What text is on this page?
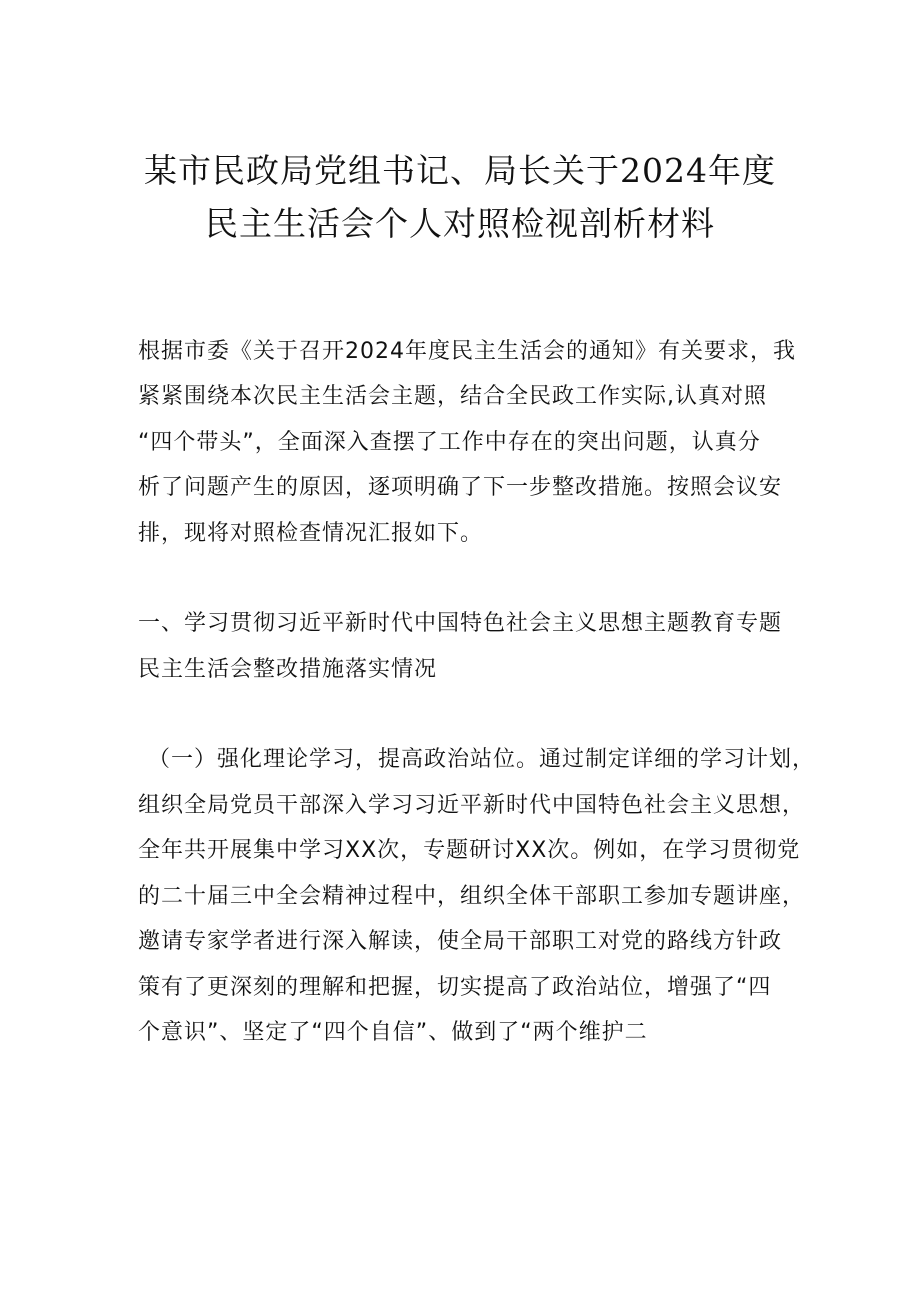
某市民政局党组书记、局长关于2024年度
民主生活会个人对照检视剖析材料
根据市委《关于召开2024年度民主生活会的通知》有关要求，我
紧紧围绕本次民主生活会主题，结合全民政工作实际,认真对照
“四个带头”，全面深入查摆了工作中存在的突出问题，认真分
析了问题产生的原因，逐项明确了下一步整改措施。按照会议安
排，现将对照检查情况汇报如下。
一、学习贯彻习近平新时代中国特色社会主义思想主题教育专题
民主生活会整改措施落实情况
（一）强化理论学习，提高政治站位。通过制定详细的学习计划，
组织全局党员干部深入学习习近平新时代中国特色社会主义思想，
全年共开展集中学习XX次，专题研讨XX次。例如，在学习贯彻党
的二十届三中全会精神过程中，组织全体干部职工参加专题讲座，
邀请专家学者进行深入解读，使全局干部职工对党的路线方针政
策有了更深刻的理解和把握，切实提高了政治站位，增强了“四
个意识”、坚定了“四个自信”、做到了“两个维护二
